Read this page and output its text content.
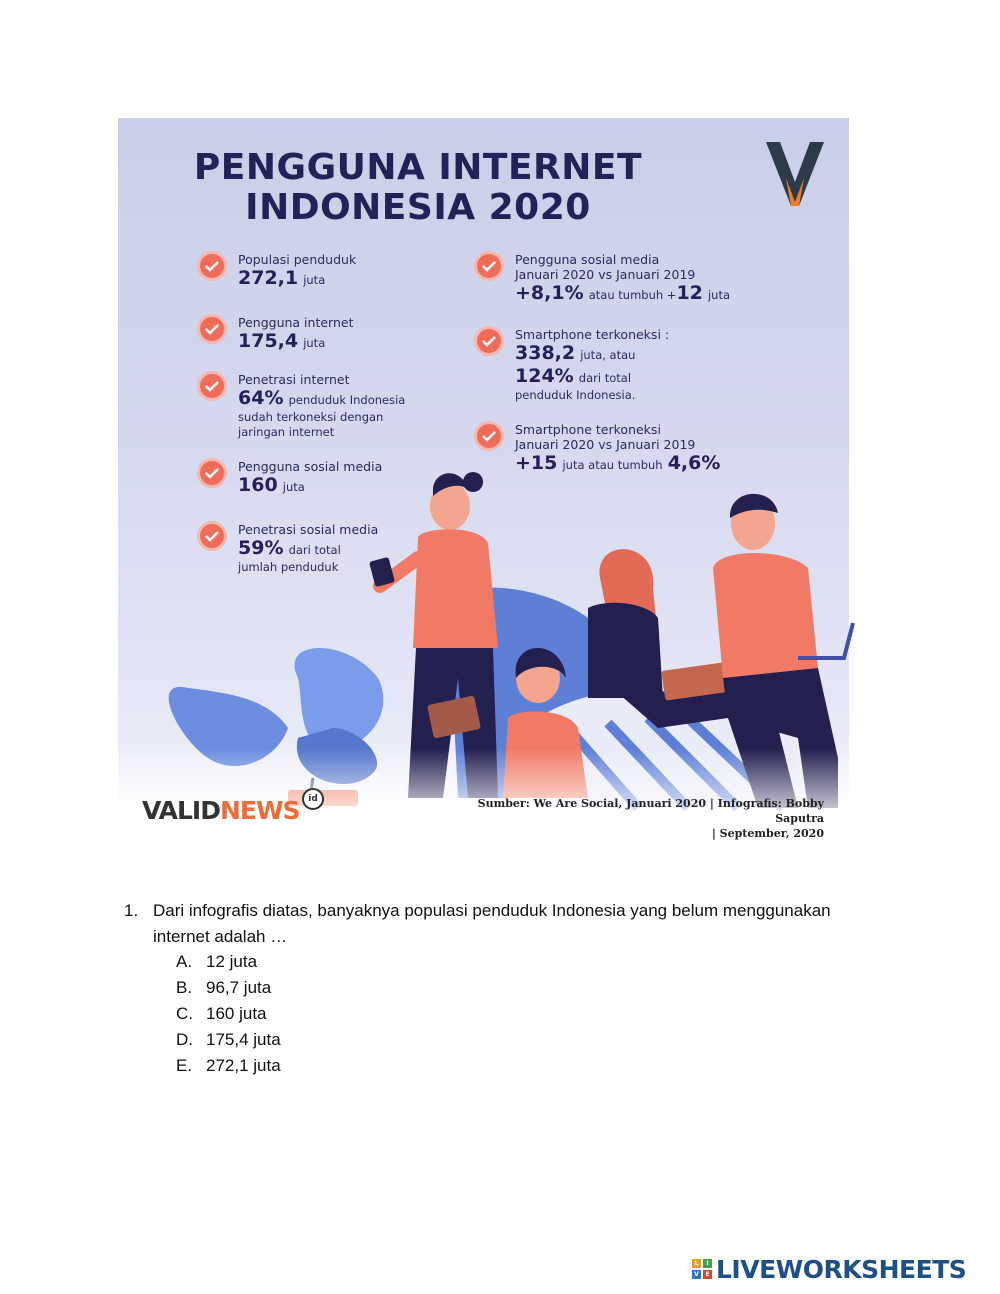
PENGGUNA INTERNET
INDONESIA 2020
Populasi penduduk
272,1 juta
Pengguna internet
175,4 juta
Penetrasi internet
64% penduduk Indonesia
sudah terkoneksi dengan
jaringan internet
Pengguna sosial media
160 juta
Penetrasi sosial media
59% dari total
jumlah penduduk
Pengguna sosial media
Januari 2020 vs Januari 2019
+8,1% atau tumbuh +12 juta
Smartphone terkoneksi :
338,2 juta, atau
124% dari total
penduduk Indonesia.
Smartphone terkoneksi
Januari 2020 vs Januari 2019
+15 juta atau tumbuh 4,6%
VALIDNEWS id	Sumber: We Are Social, Januari 2020 | Infografis: Bobby Saputra
| September, 2020
1. Dari infografis diatas, banyaknya populasi penduduk Indonesia yang belum menggunakan internet adalah …
A. 12 juta
B. 96,7 juta
C. 160 juta
D. 175,4 juta
E. 272,1 juta
L	I
V	E LIVEWORKSHEETS
